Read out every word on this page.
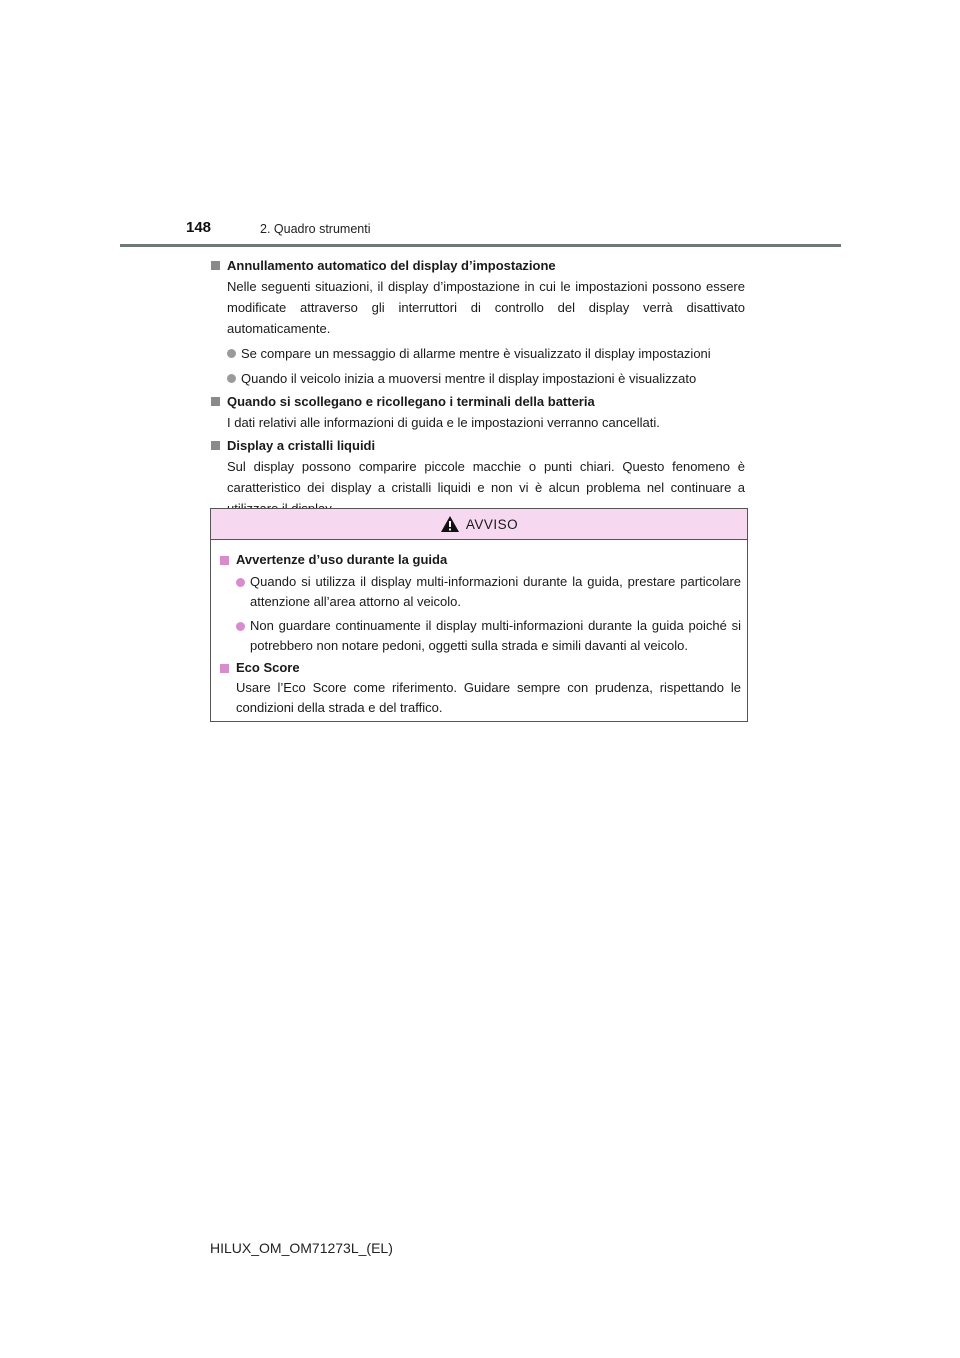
148	2. Quadro strumenti
Annullamento automatico del display d’impostazione
Nelle seguenti situazioni, il display d’impostazione in cui le impostazioni possono essere modificate attraverso gli interruttori di controllo del display verrà disattivato automaticamente.
Se compare un messaggio di allarme mentre è visualizzato il display impostazioni
Quando il veicolo inizia a muoversi mentre il display impostazioni è visualizzato
Quando si scollegano e ricollegano i terminali della batteria
I dati relativi alle informazioni di guida e le impostazioni verranno cancellati.
Display a cristalli liquidi
Sul display possono comparire piccole macchie o punti chiari. Questo fenomeno è caratteristico dei display a cristalli liquidi e non vi è alcun problema nel continuare a
AVVISO
Avvertenze d’uso durante la guida
Quando si utilizza il display multi-informazioni durante la guida, prestare particolare attenzione all’area attorno al veicolo.
Non guardare continuamente il display multi-informazioni durante la guida poiché si potrebbero non notare pedoni, oggetti sulla strada e simili davanti al veicolo.
Eco Score
Usare l’Eco Score come riferimento. Guidare sempre con prudenza, rispettando le condizioni della strada e del traffico.
HILUX_OM_OM71273L_(EL)
